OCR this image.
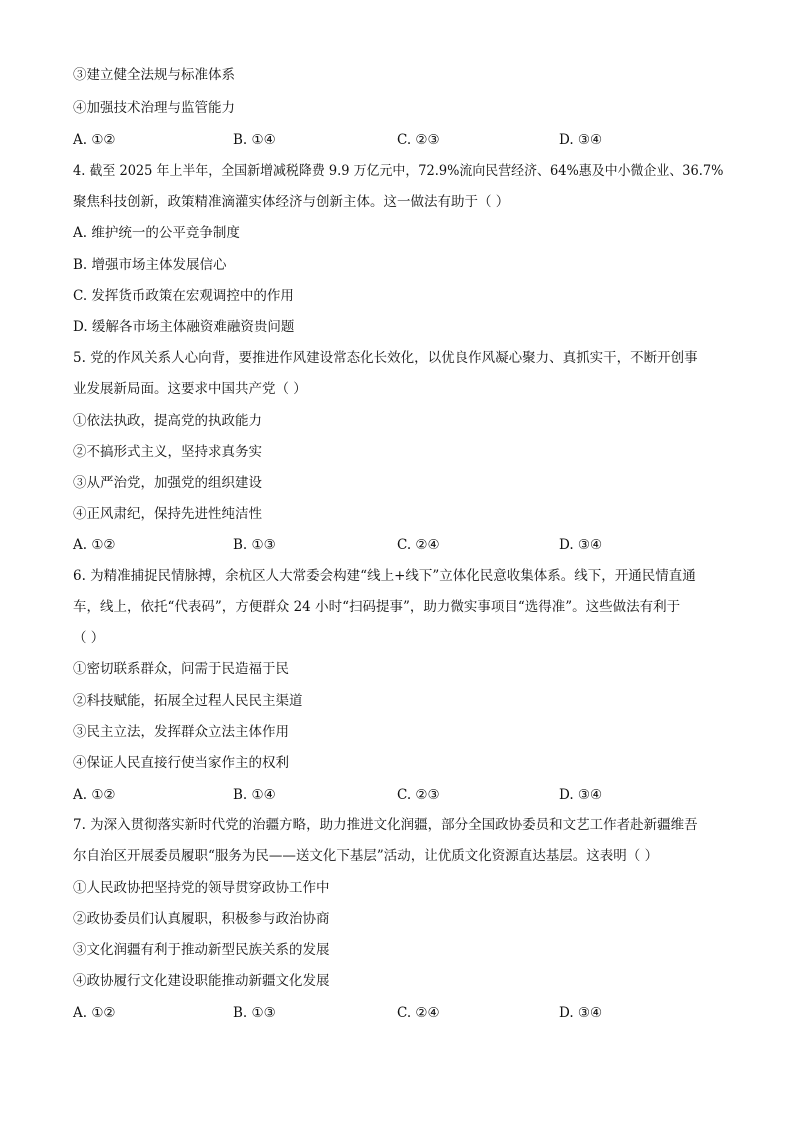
③建立健全法规与标准体系
④加强技术治理与监管能力
A. ①②	B. ①④	C. ②③	D. ③④
4. 截至 2025 年上半年，全国新增减税降费 9.9 万亿元中，72.9%流向民营经济、64%惠及中小微企业、36.7%
聚焦科技创新，政策精准滴灌实体经济与创新主体。这一做法有助于（ ）
A. 维护统一的公平竞争制度
B. 增强市场主体发展信心
C. 发挥货币政策在宏观调控中的作用
D. 缓解各市场主体融资难融资贵问题
5. 党的作风关系人心向背，要推进作风建设常态化长效化，以优良作风凝心聚力、真抓实干，不断开创事
业发展新局面。这要求中国共产党（ ）
①依法执政，提高党的执政能力
②不搞形式主义，坚持求真务实
③从严治党，加强党的组织建设
④正风肃纪，保持先进性纯洁性
A. ①②	B. ①③	C. ②④	D. ③④
6. 为精准捕捉民情脉搏，余杭区人大常委会构建“线上+线下”立体化民意收集体系。线下，开通民情直通
车，线上，依托“代表码”，方便群众 24 小时“扫码提事”，助力微实事项目“选得准”。这些做法有利于
（ ）
①密切联系群众，问需于民造福于民
②科技赋能，拓展全过程人民民主渠道
③民主立法，发挥群众立法主体作用
④保证人民直接行使当家作主的权利
A. ①②	B. ①④	C. ②③	D. ③④
7. 为深入贯彻落实新时代党的治疆方略，助力推进文化润疆，部分全国政协委员和文艺工作者赴新疆维吾
尔自治区开展委员履职“服务为民——送文化下基层”活动，让优质文化资源直达基层。这表明（ ）
①人民政协把坚持党的领导贯穿政协工作中
②政协委员们认真履职，积极参与政治协商
③文化润疆有利于推动新型民族关系的发展
④政协履行文化建设职能推动新疆文化发展
A. ①②	B. ①③	C. ②④	D. ③④
